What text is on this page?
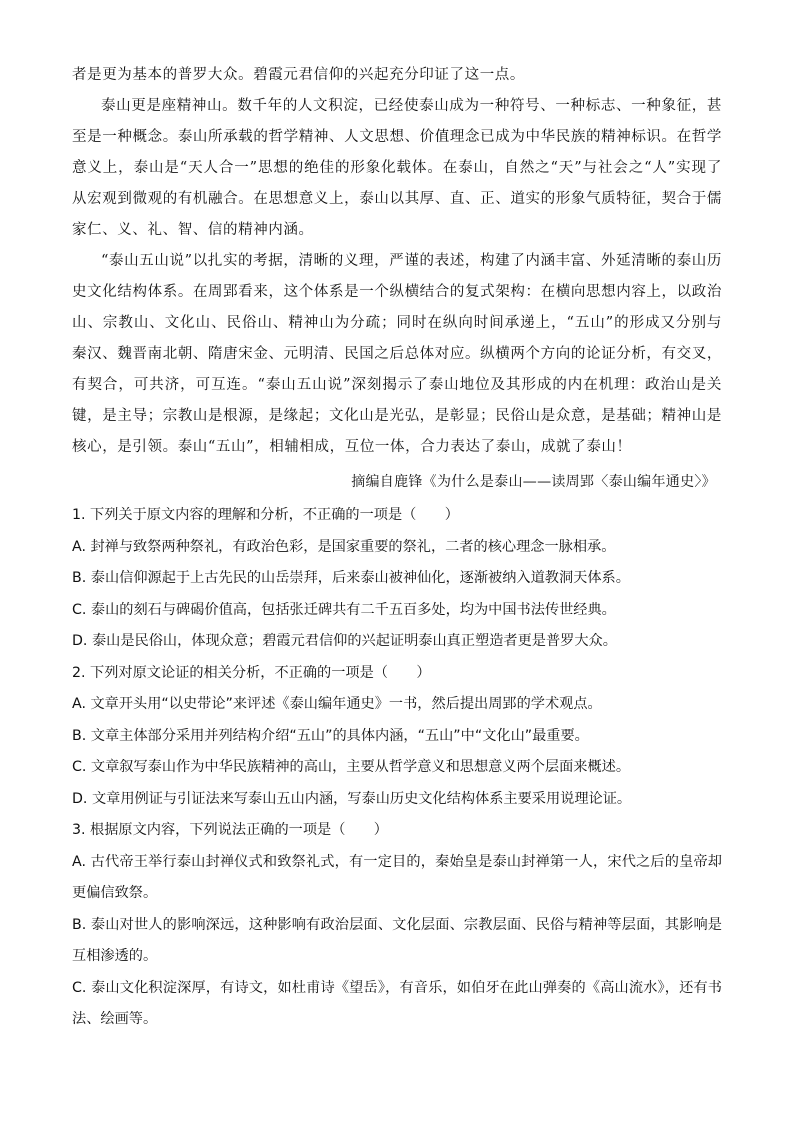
者是更为基本的普罗大众。碧霞元君信仰的兴起充分印证了这一点。

泰山更是座精神山。数千年的人文积淀，已经使泰山成为一种符号、一种标志、一种象征，甚至是一种概念。泰山所承载的哲学精神、人文思想、价值理念已成为中华民族的精神标识。在哲学意义上，泰山是“天人合一”思想的绝佳的形象化载体。在泰山，自然之“天”与社会之“人”实现了从宏观到微观的有机融合。在思想意义上，泰山以其厚、直、正、道实的形象气质特征，契合于儒家仁、义、礼、智、信的精神内涵。

“泰山五山说”以扎实的考据，清晰的义理，严谨的表述，构建了内涵丰富、外延清晰的泰山历史文化结构体系。在周郢看来，这个体系是一个纵横结合的复式架构：在横向思想内容上，以政治山、宗教山、文化山、民俗山、精神山为分疏；同时在纵向时间承递上，“五山”的形成又分别与秦汉、魏晋南北朝、隋唐宋金、元明清、民国之后总体对应。纵横两个方向的论证分析，有交叉，有契合，可共济，可互连。“泰山五山说”深刻揭示了泰山地位及其形成的内在机理：政治山是关键，是主导；宗教山是根源，是缘起；文化山是光弘，是彰显；民俗山是众意，是基础；精神山是核心，是引领。泰山“五山”，相辅相成，互位一体，合力表达了泰山，成就了泰山！

摘编自鹿锋《为什么是泰山——读周郢〈泰山编年通史〉》

1. 下列关于原文内容的理解和分析，不正确的一项是（　　）

A. 封禅与致祭两种祭礼，有政治色彩，是国家重要的祭礼，二者的核心理念一脉相承。

B. 泰山信仰源起于上古先民的山岳崇拜，后来泰山被神仙化，逐渐被纳入道教洞天体系。

C. 泰山的刻石与碑碣价值高，包括张迁碑共有二千五百多处，均为中国书法传世经典。

D. 泰山是民俗山，体现众意；碧霞元君信仰的兴起证明泰山真正塑造者更是普罗大众。

2. 下列对原文论证的相关分析，不正确的一项是（　　）

A. 文章开头用“以史带论”来评述《泰山编年通史》一书，然后提出周郢的学术观点。

B. 文章主体部分采用并列结构介绍“五山”的具体内涵，“五山”中“文化山”最重要。

C. 文章叙写泰山作为中华民族精神的高山，主要从哲学意义和思想意义两个层面来概述。

D. 文章用例证与引证法来写泰山五山内涵，写泰山历史文化结构体系主要采用说理论证。

3. 根据原文内容，下列说法正确的一项是（　　）

A. 古代帝王举行泰山封禅仪式和致祭礼式，有一定目的，秦始皇是泰山封禅第一人，宋代之后的皇帝却更偏信致祭。

B. 泰山对世人的影响深远，这种影响有政治层面、文化层面、宗教层面、民俗与精神等层面，其影响是互相渗透的。

C. 泰山文化积淀深厚，有诗文，如杜甫诗《望岳》，有音乐，如伯牙在此山弹奏的《高山流水》，还有书法、绘画等。
